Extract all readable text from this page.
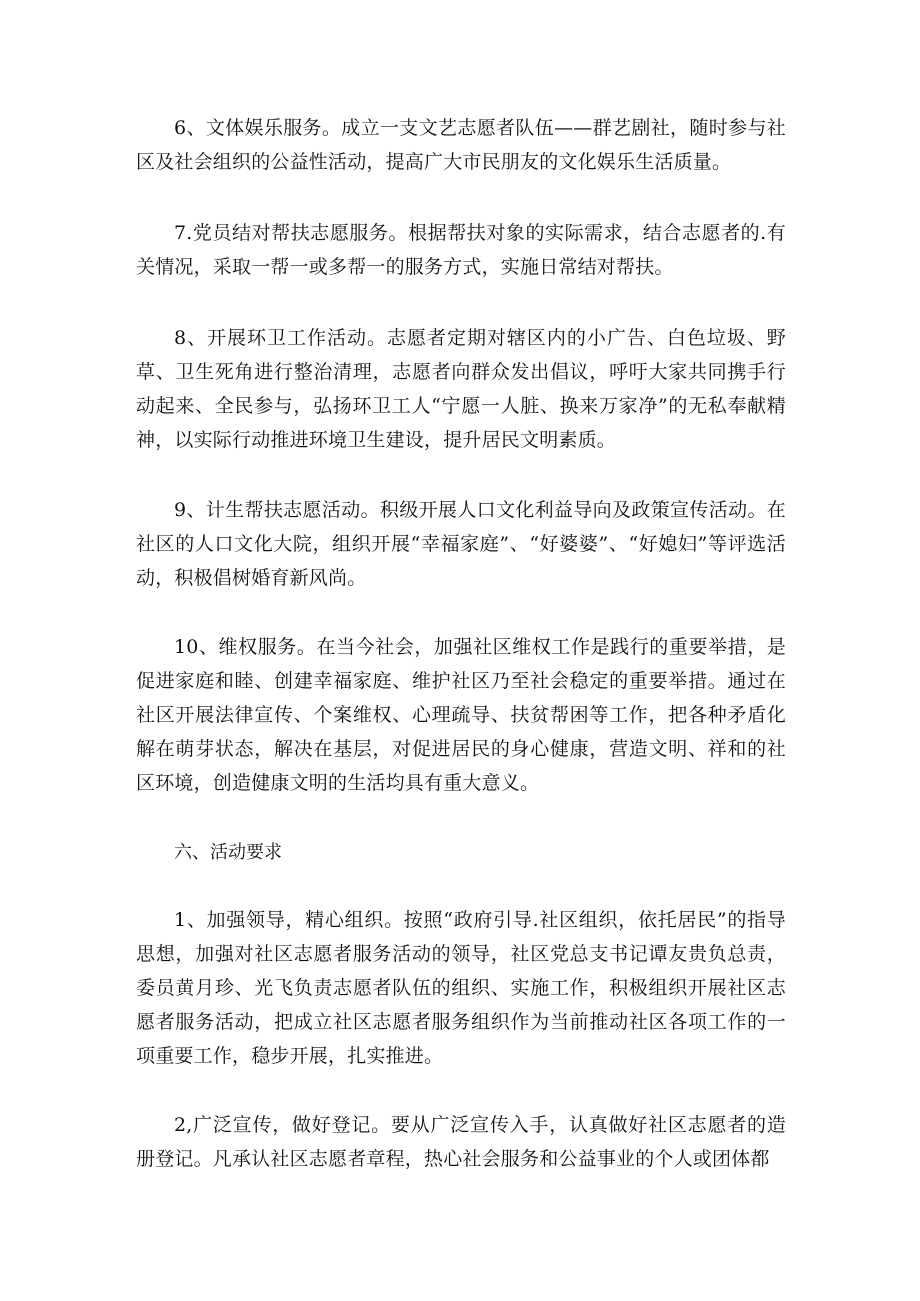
6、文体娱乐服务。成立一支文艺志愿者队伍——群艺剧社，随时参与社区及社会组织的公益性活动，提高广大市民朋友的文化娱乐生活质量。

7.党员结对帮扶志愿服务。根据帮扶对象的实际需求，结合志愿者的.有关情况，采取一帮一或多帮一的服务方式，实施日常结对帮扶。

8、开展环卫工作活动。志愿者定期对辖区内的小广告、白色垃圾、野草、卫生死角进行整治清理，志愿者向群众发出倡议，呼吁大家共同携手行动起来、全民参与，弘扬环卫工人“宁愿一人脏、换来万家净”的无私奉献精神，以实际行动推进环境卫生建设，提升居民文明素质。

9、计生帮扶志愿活动。积级开展人口文化利益导向及政策宣传活动。在社区的人口文化大院，组织开展“幸福家庭”、“好婆婆”、“好媳妇”等评选活动，积极倡树婚育新风尚。

10、维权服务。在当今社会，加强社区维权工作是践行的重要举措，是促进家庭和睦、创建幸福家庭、维护社区乃至社会稳定的重要举措。通过在社区开展法律宣传、个案维权、心理疏导、扶贫帮困等工作，把各种矛盾化解在萌芽状态，解决在基层，对促进居民的身心健康，营造文明、祥和的社区环境，创造健康文明的生活均具有重大意义。

六、活动要求

1、加强领导，精心组织。按照“政府引导.社区组织，依托居民”的指导思想，加强对社区志愿者服务活动的领导，社区党总支书记谭友贵负总责，委员黄月珍、光飞负责志愿者队伍的组织、实施工作，积极组织开展社区志愿者服务活动，把成立社区志愿者服务组织作为当前推动社区各项工作的一项重要工作，稳步开展，扎实推进。

2,广泛宣传，做好登记。要从广泛宣传入手，认真做好社区志愿者的造册登记。凡承认社区志愿者章程，热心社会服务和公益事业的个人或团体都
